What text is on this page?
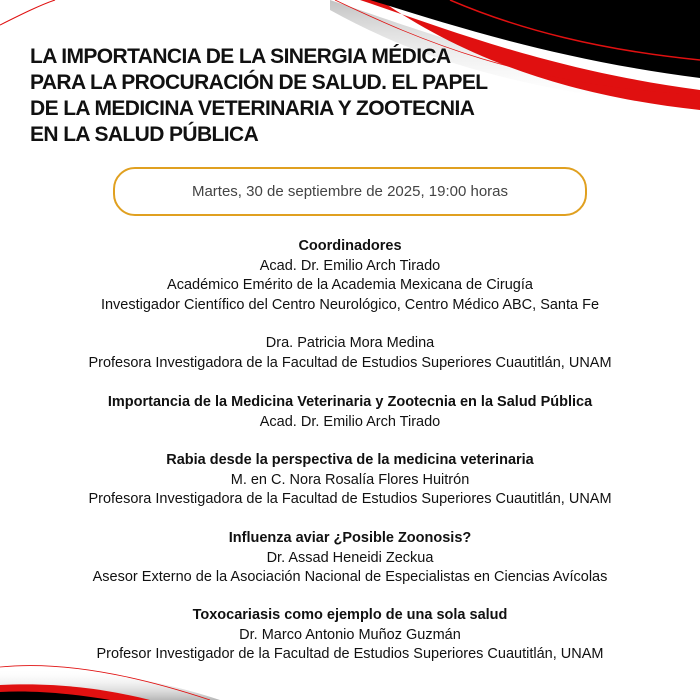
LA IMPORTANCIA DE LA SINERGIA MÉDICA
PARA LA PROCURACIÓN DE SALUD. EL PAPEL
DE LA MEDICINA VETERINARIA Y ZOOTECNIA
EN LA SALUD PÚBLICA
Martes, 30 de septiembre de 2025, 19:00 horas
Coordinadores
Acad. Dr. Emilio Arch Tirado
Académico Emérito de la Academia Mexicana de Cirugía
Investigador Científico del Centro Neurológico, Centro Médico ABC, Santa Fe
Dra. Patricia Mora Medina
Profesora Investigadora de la Facultad de Estudios Superiores Cuautitlán, UNAM
Importancia de la Medicina Veterinaria y Zootecnia en la Salud Pública
Acad. Dr. Emilio Arch Tirado
Rabia desde la perspectiva de la medicina veterinaria
M. en C. Nora Rosalía Flores Huitrón
Profesora Investigadora de la Facultad de Estudios Superiores Cuautitlán, UNAM
Influenza aviar ¿Posible Zoonosis?
Dr. Assad Heneidi Zeckua
Asesor Externo de la Asociación Nacional de Especialistas en Ciencias Avícolas
Toxocariasis como ejemplo de una sola salud
Dr. Marco Antonio Muñoz Guzmán
Profesor Investigador de la Facultad de Estudios Superiores Cuautitlán, UNAM
